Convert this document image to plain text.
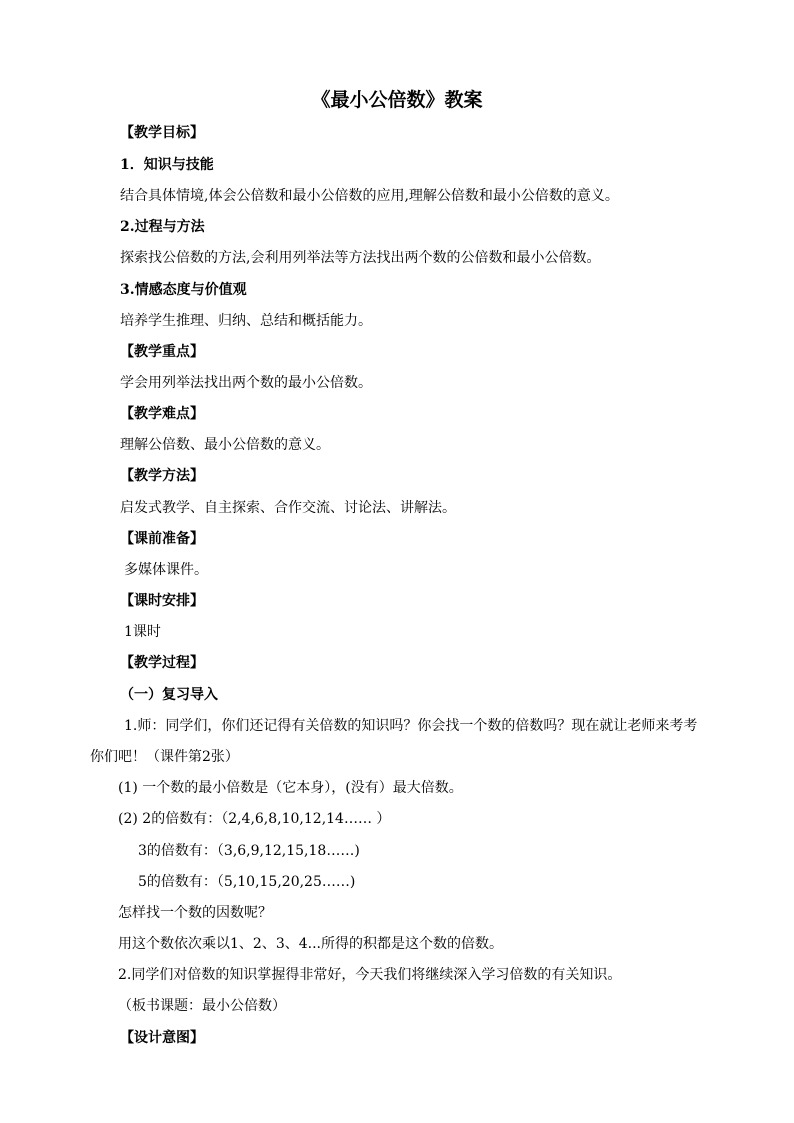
《最小公倍数》教案
【教学目标】
1．知识与技能
结合具体情境,体会公倍数和最小公倍数的应用,理解公倍数和最小公倍数的意义。
2.过程与方法
探索找公倍数的方法,会利用列举法等方法找出两个数的公倍数和最小公倍数。
3.情感态度与价值观
培养学生推理、归纳、总结和概括能力。
【教学重点】
学会用列举法找出两个数的最小公倍数。
【教学难点】
理解公倍数、最小公倍数的意义。
【教学方法】
启发式教学、自主探索、合作交流、讨论法、讲解法。
【课前准备】
多媒体课件。
【课时安排】
1课时
【教学过程】
（一）复习导入
1.师：同学们，你们还记得有关倍数的知识吗？你会找一个数的倍数吗？现在就让老师来考考
你们吧！（课件第2张）
(1) 一个数的最小倍数是（它本身），(没有）最大倍数。
(2) 2的倍数有：（2,4,6,8,10,12,14…… ）
3的倍数有：（3,6,9,12,15,18……)
5的倍数有：（5,10,15,20,25……)
怎样找一个数的因数呢？
用这个数依次乘以1、2、3、4...所得的积都是这个数的倍数。
2.同学们对倍数的知识掌握得非常好，今天我们将继续深入学习倍数的有关知识。
（板书课题：最小公倍数）
【设计意图】
